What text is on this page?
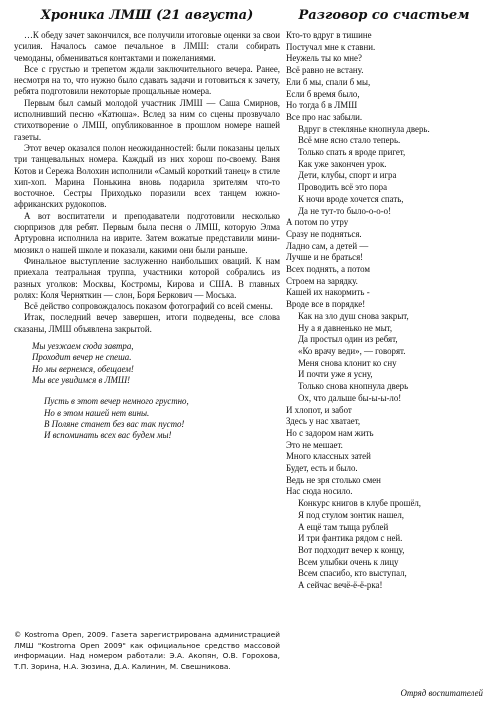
Хроника ЛМШ (21 августа)

…К обеду зачет закончился, все получили итоговые оценки за свои усилия. Началось самое печальное в ЛМШ: стали собирать чемоданы, обмениваться контактами и пожеланиями.

Все с грустью и трепетом ждали заключительного вечера. Ранее, несмотря на то, что нужно было сдавать задачи и готовиться к зачету, ребята подготовили некоторые прощальные номера.

Первым был самый молодой участник ЛМШ — Саша Смирнов, исполнивший песню «Катюша». Вслед за ним со сцены прозвучало стихотворение о ЛМШ, опубликованное в прошлом номере нашей газеты.

Этот вечер оказался полон неожиданностей: были показаны целых три танцевальных номера. Каждый из них хорош по-своему. Ваня Котов и Сережа Волохин исполнили «Самый короткий танец» в стиле хип-хоп. Марина Понькина вновь подарила зрителям что-то восточное. Сестры Приходько поразили всех танцем южно-африканских рудокопов.

А вот воспитатели и преподаватели подготовили несколько сюрпризов для ребят. Первым была песня о ЛМШ, которую Элма Артуровна исполнила на иврите. Затем вожатые представили мини-мюзикл о нашей школе и показали, какими они были раньше.

Финальное выступление заслуженно наибольших оваций. К нам приехала театральная труппа, участники которой собрались из разных уголков: Москвы, Костромы, Кирова и США. В главных ролях: Коля Черняткин — слон, Боря Беркович — Моська.

Всё действо сопровождалось показом фотографий со всей смены.

Итак, последний вечер завершен, итоги подведены, все слова сказаны, ЛМШ объявлена закрытой.

Мы уезжаем сюда завтра,
Проходит вечер не спеша.
Но мы вернемся, обещаем!
Мы все увидимся в ЛМШ!
Пусть в этот вечер немного грустно,
Но в этом нашей нет вины.
В Поляне станет без вас так пусто!
И вспоминать всех вас будем мы!

© Kostroma Open, 2009. Газета зарегистрирована администрацией ЛМШ "Kostroma Open 2009" как официальное средство массовой информации. Над номером работали: Э.А. Акопян, О.В. Горохова, Т.П. Зорина, Н.А. Зюзина, Д.А. Калинин, М. Свешникова.

Разговор со счастьем
Кто-то вдруг в тишине
Постучал мне к ставни.
Неужель ты ко мне?
Всё равно не встану.
Ели б мы, спали б мы,
Если б время было,
Но тогда б в ЛМШ
Все про нас забыли.
Вдруг в стеклянье кнопнула дверь.
Всё мне ясно стало теперь.
Только спать я вроде пригет,
Как уже закончен урок.
Дети, клубы, спорт и игра
Проводить всё это пора
К ночи вроде хочется спать,
Да не тут-то было-о-о-о!
А потом по утру
Сразу не подняться.
Ладно сам, а детей —
Лучше и не браться!
Всех поднять, а потом
Строем на зарядку.
Кашей их накормить -
Вроде все в порядке!
Как на зло душ снова закрыт,
Ну а я давненько не мыт,
Да простыл один из ребят,
«Ко врачу веди», — говорят.
Меня снова клонит ко сну
И почти уже я усну,
Только снова кнопнула дверь
Ох, что дальше бы-ы-ы-ло!
И хлопот, и забот
Здесь у нас хватает,
Но с задором нам жить
Это не мешает.
Много классных затей
Будет, есть и было.
Ведь не зря столько смен
Нас сюда носило.
Конкурс книгов в клубе прошёл,
Я под стулом зонтик нашел,
А ещё там тыща рублей
И три фантика рядом с ней.
Вот подходит вечер к концу,
Всем улыбки очень к лицу
Всем спасибо, кто выступал,
А сейчас вечё-ё-ё-рка!
Отряд воспитателей
